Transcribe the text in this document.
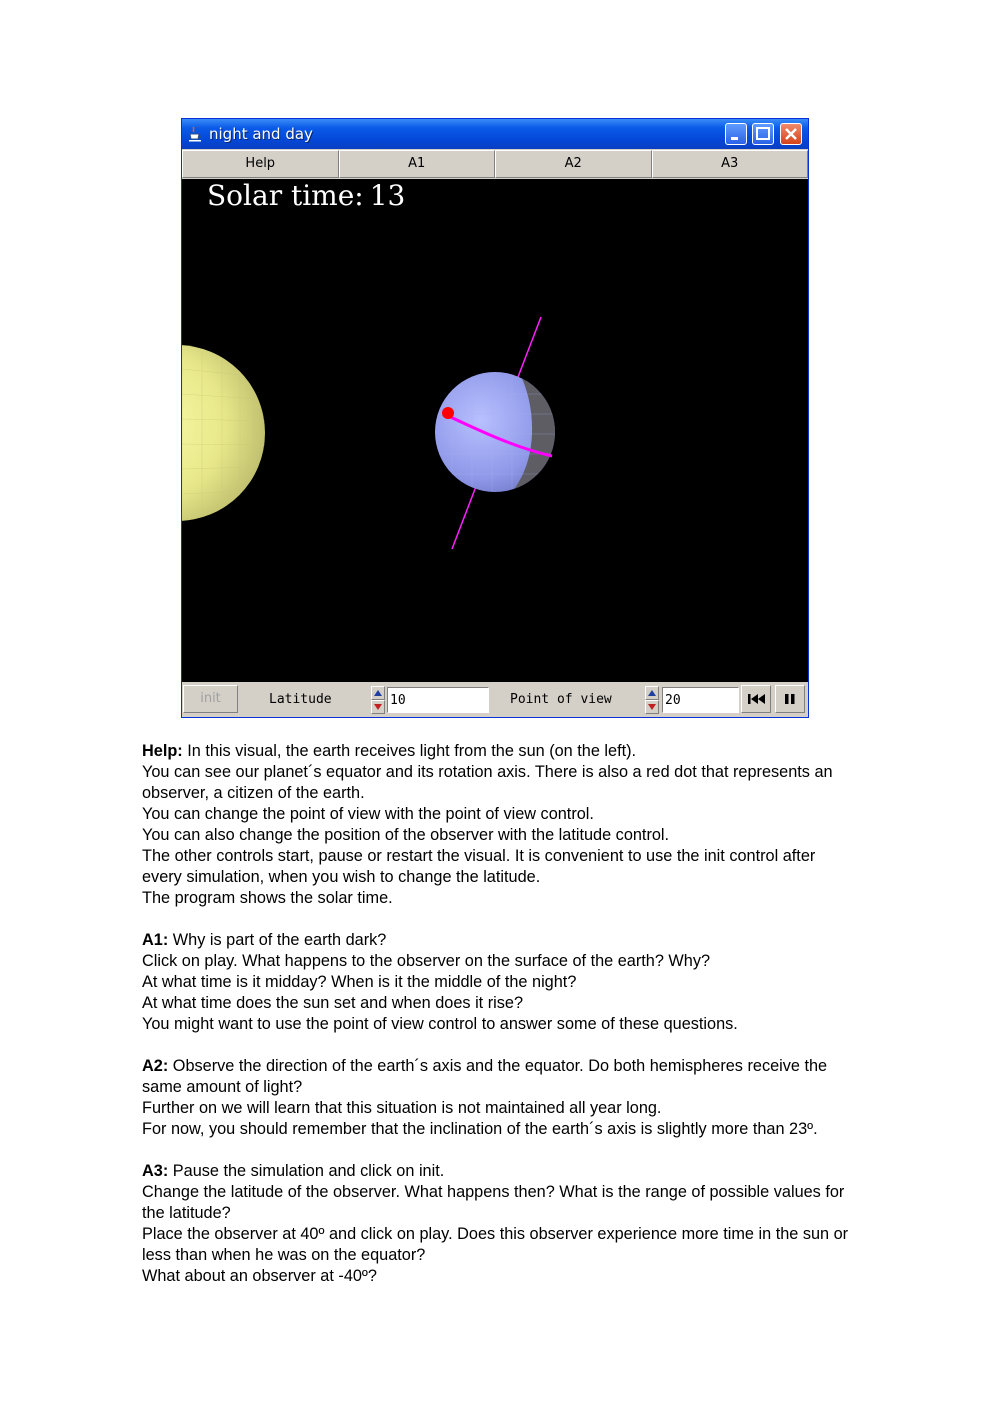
night and day
Help	A1	A2	A3
Solar time: 13
init	Latitude
10	Point of view
20

Help: In this visual, the earth receives light from the sun (on the left).

You can see our planet´s equator and its rotation axis. There is also a red dot that represents an observer, a citizen of the earth.

You can change the point of view with the point of view control.

You can also change the position of the observer with the latitude control.

The other controls start, pause or restart the visual. It is convenient to use the init control after every simulation, when you wish to change the latitude.

The program shows the solar time.

A1: Why is part of the earth dark?

Click on play. What happens to the observer on the surface of the earth? Why?

At what time is it midday? When is it the middle of the night?

At what time does the sun set and when does it rise?

You might want to use the point of view control to answer some of these questions.

A2: Observe the direction of the earth´s axis and the equator. Do both hemispheres receive the same amount of light?

Further on we will learn that this situation is not maintained all year long.

For now, you should remember that the inclination of the earth´s axis is slightly more than 23º.

A3: Pause the simulation and click on init.

Change the latitude of the observer. What happens then? What is the range of possible values for the latitude?

Place the observer at 40º and click on play. Does this observer experience more time in the sun or less than when he was on the equator?

What about an observer at -40º?
